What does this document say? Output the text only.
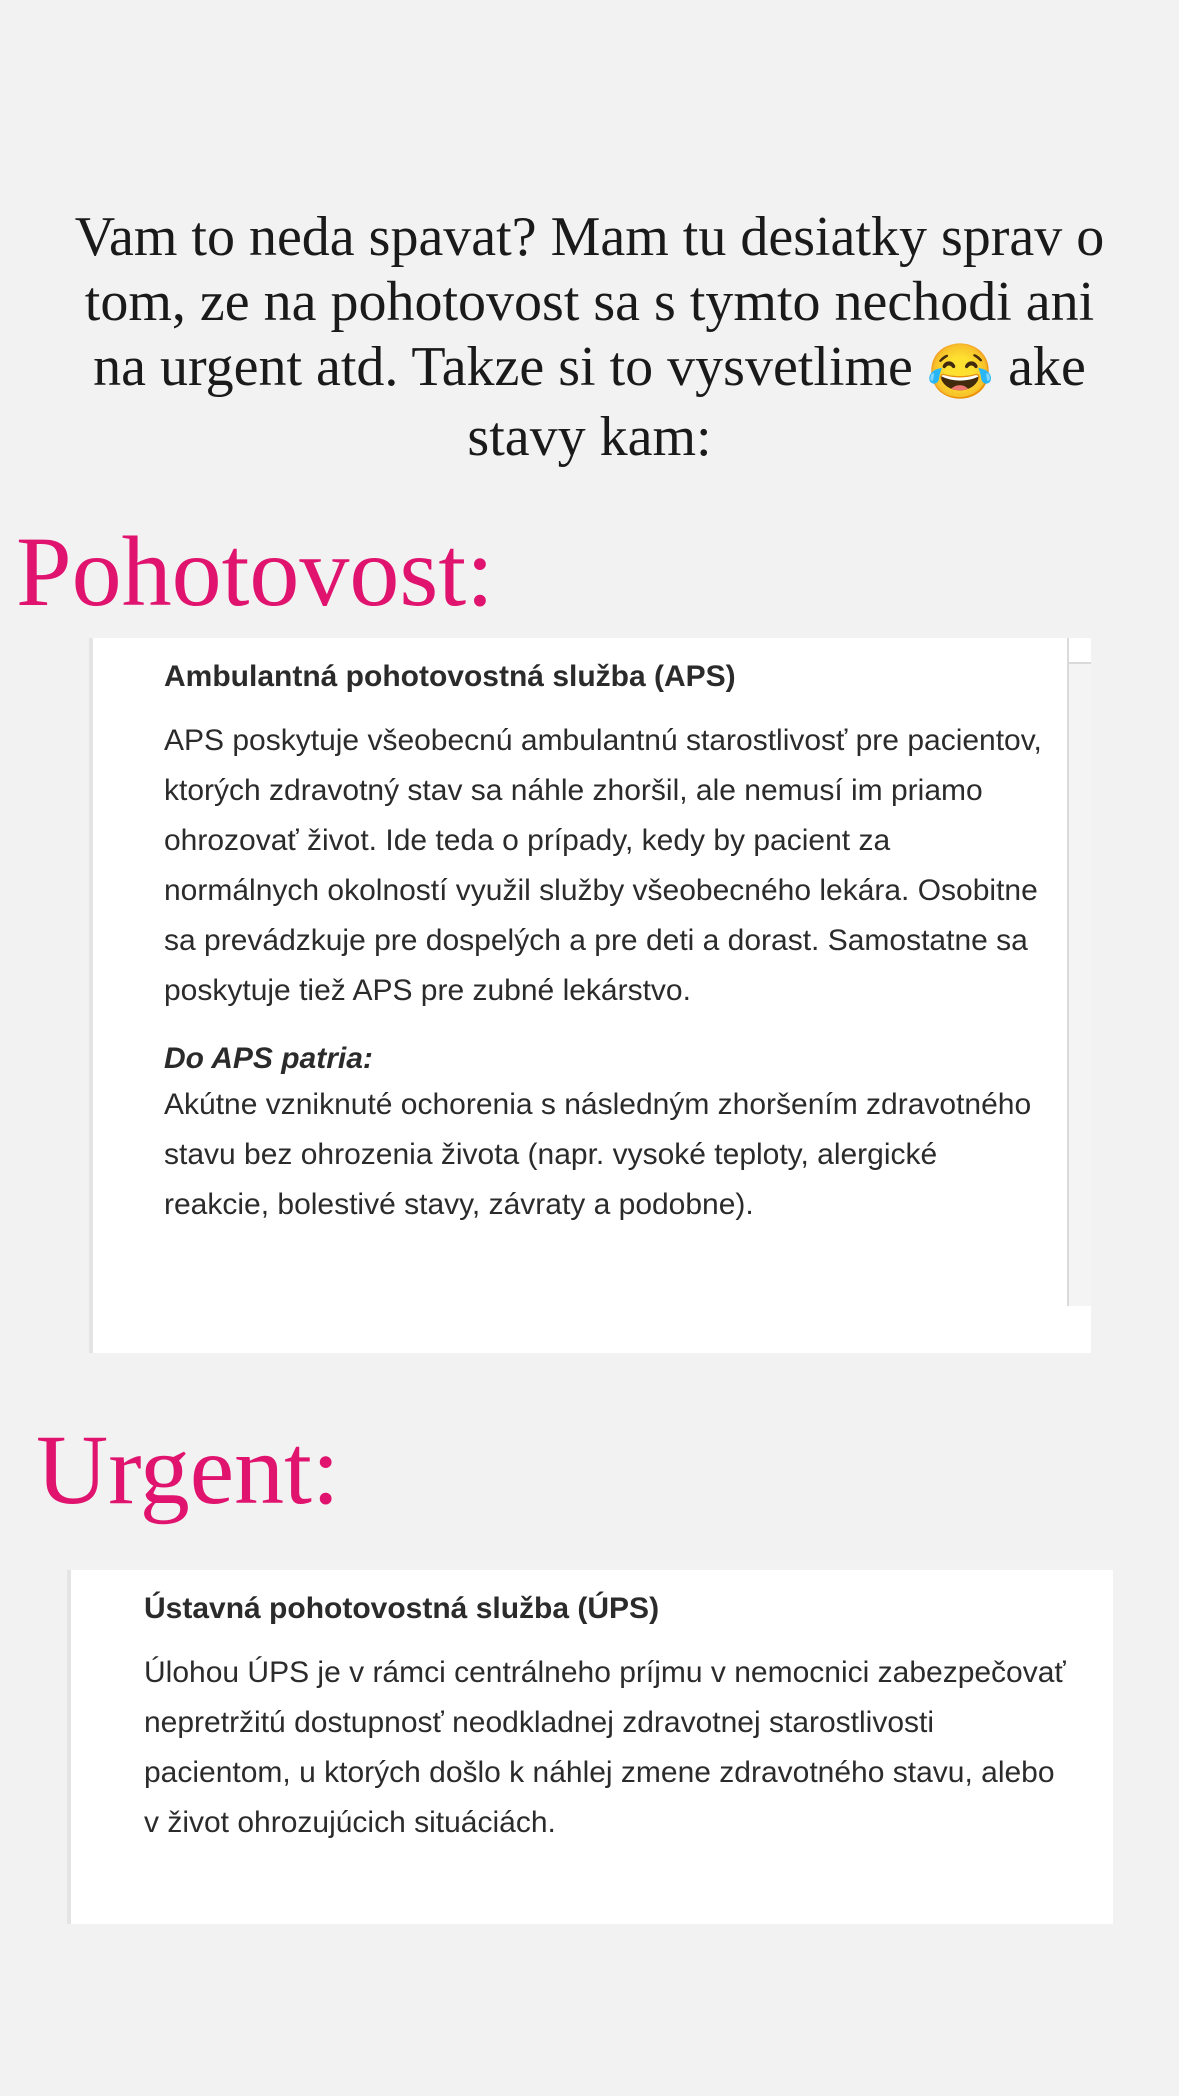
Vam to neda spavat? Mam tu desiatky sprav o tom, ze na pohotovost sa s tymto nechodi ani na urgent atd. Takze si to vysvetlime 😂 ake stavy kam:

Pohotovost:

Ambulantná pohotovostná služba (APS)

APS poskytuje všeobecnú ambulantnú starostlivosť pre pacientov, ktorých zdravotný stav sa náhle zhoršil, ale nemusí im priamo ohrozovať život. Ide teda o prípady, kedy by pacient za normálnych okolností využil služby všeobecného lekára. Osobitne sa prevádzkuje pre dospelých a pre deti a dorast. Samostatne sa poskytuje tiež APS pre zubné lekárstvo.

Do APS patria:

Akútne vzniknuté ochorenia s následným zhoršením zdravotného stavu bez ohrozenia života (napr. vysoké teploty, alergické reakcie, bolestivé stavy, závraty a podobne).

Urgent:

Ústavná pohotovostná služba (ÚPS)

Úlohou ÚPS je v rámci centrálneho príjmu v nemocnici zabezpečovať nepretržitú dostupnosť neodkladnej zdravotnej starostlivosti pacientom, u ktorých došlo k náhlej zmene zdravotného stavu, alebo v život ohrozujúcich situáciách.
